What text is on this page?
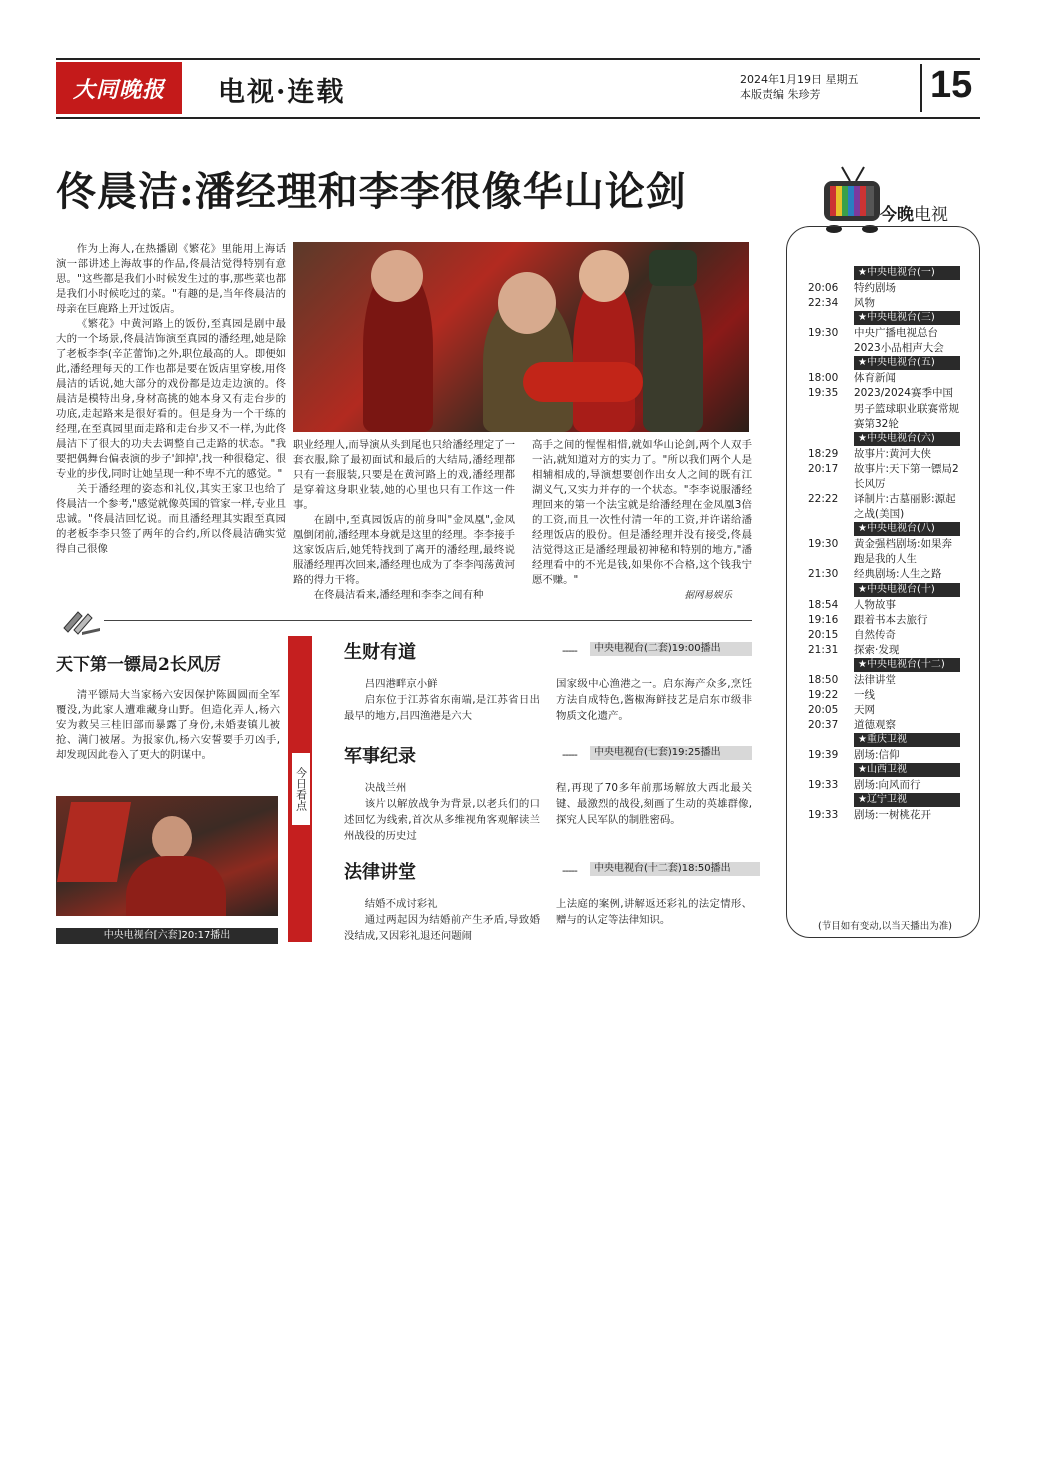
大同晚报	电视·连载	2024年1月19日 星期五
本版责编 朱珍芳	15
佟晨洁:潘经理和李李很像华山论剑

作为上海人,在热播剧《繁花》里能用上海话演一部讲述上海故事的作品,佟晨洁觉得特别有意思。"这些都是我们小时候发生过的事,那些菜也都是我们小时候吃过的菜。"有趣的是,当年佟晨洁的母亲在巨鹿路上开过饭店。

《繁花》中黄河路上的饭份,至真园是剧中最大的一个场景,佟晨洁饰演至真园的潘经理,她是除了老板李李(辛芷蕾饰)之外,职位最高的人。即便如此,潘经理每天的工作也都是要在饭店里穿梭,用佟晨洁的话说,她大部分的戏份都是边走边演的。佟晨洁是模特出身,身材高挑的她本身又有走台步的功底,走起路来是很好看的。但是身为一个干练的经理,在至真园里面走路和走台步又不一样,为此佟晨洁下了很大的功夫去调整自己走路的状态。"我要把偶舞台偏表演的步子'卸掉',找一种很稳定、很专业的步伐,同时让她呈现一种不卑不亢的感觉。"

关于潘经理的姿态和礼仪,其实王家卫也给了佟晨洁一个参考,"感觉就像英国的管家一样,专业且忠诚。"佟晨洁回忆说。而且潘经理其实跟至真园的老板李李只签了两年的合约,所以佟晨洁确实觉得自己很像

职业经理人,而导演从头到尾也只给潘经理定了一套衣服,除了最初面试和最后的大结局,潘经理都只有一套服装,只要是在黄河路上的戏,潘经理都是穿着这身职业装,她的心里也只有工作这一件事。

在剧中,至真园饭店的前身叫"金凤凰",金凤凰倒闭前,潘经理本身就是这里的经理。李李接手这家饭店后,她凭特找到了离开的潘经理,最终说服潘经理再次回来,潘经理也成为了李李闯荡黄河路的得力干将。

在佟晨洁看来,潘经理和李李之间有种

高手之间的惺惺相惜,就如华山论剑,两个人双手一沾,就知道对方的实力了。"所以我们两个人是相辅相成的,导演想要创作出女人之间的既有江湖义气,又实力并存的一个状态。"李李说服潘经理回来的第一个法宝就是给潘经理在金凤凰3倍的工资,而且一次性付清一年的工资,并许诺给潘经理饭店的股份。但是潘经理并没有接受,佟晨洁觉得这正是潘经理最初神秘和特别的地方,"潘经理看中的不光是钱,如果你不合格,这个钱我宁愿不赚。"

据网易娱乐
天下第一镖局2长风厉

清平镖局大当家杨六安因保护陈圆圆而全军覆没,为此家人遭难藏身山野。但造化弄人,杨六安为救吴三桂旧部而暴露了身份,未婚妻镇儿被抢、满门被屠。为报家仇,杨六安誓要手刃凶手,却发现因此卷入了更大的阴谋中。

中央电视台[六套]20:17播出
今日看点
生财有道	-----	中央电视台(二套)19:00播出

吕四港畔京小鲜

启东位于江苏省东南端,是江苏省日出最早的地方,吕四渔港是六大

国家级中心渔港之一。启东海产众多,烹饪方法自成特色,酱椒海鲜技艺是启东市级非物质文化遗产。

军事纪录	-----	中央电视台(七套)19:25播出

决战兰州

该片以解放战争为背景,以老兵们的口述回忆为线索,首次从多维视角客观解读兰州战役的历史过

程,再现了70多年前那场解放大西北最关键、最激烈的战役,刻画了生动的英雄群像,探究人民军队的制胜密码。

法律讲堂	-----	中央电视台(十二套)18:50播出

结婚不成讨彩礼

通过两起因为结婚前产生矛盾,导致婚没结成,又因彩礼退还问题闹

上法庭的案例,讲解返还彩礼的法定情形、赠与的认定等法律知识。

今晚电视
★中央电视台(一)
20:06	特约剧场
22:34	风物
★中央电视台(三)
19:30	中央广播电视总台2023小品相声大会
★中央电视台(五)
18:00	体育新闻
19:35	2023/2024赛季中国男子篮球职业联赛常规赛第32轮
★中央电视台(六)
18:29	故事片:黄河大侠
20:17	故事片:天下第一镖局2长风厉
22:22	译制片:古墓丽影:源起之战(美国)
★中央电视台(八)
19:30	黄金强档剧场:如果奔跑是我的人生
21:30	经典剧场:人生之路
★中央电视台(十)
18:54	人物故事
19:16	跟着书本去旅行
20:15	自然传奇
21:31	探索·发现
★中央电视台(十二)
18:50	法律讲堂
19:22	一线
20:05	天网
20:37	道德观察
★重庆卫视
19:39	剧场:信仰
★山西卫视
19:33	剧场:向风而行
★辽宁卫视
19:33	剧场:一树桃花开
(节目如有变动,以当天播出为准)
